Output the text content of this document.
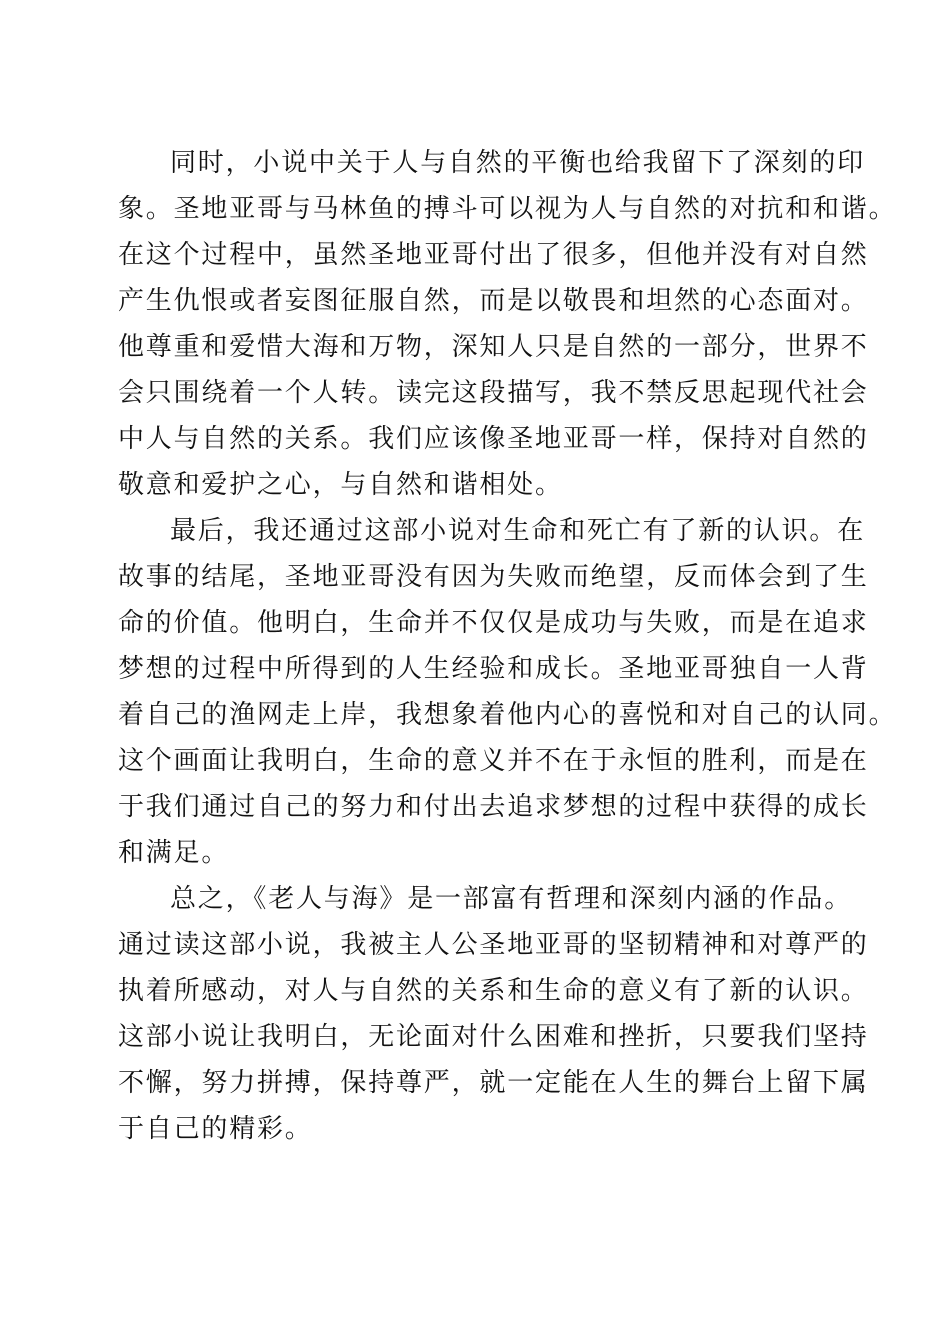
同时，小说中关于人与自然的平衡也给我留下了深刻的印
象。圣地亚哥与马林鱼的搏斗可以视为人与自然的对抗和和谐。
在这个过程中，虽然圣地亚哥付出了很多，但他并没有对自然
产生仇恨或者妄图征服自然，而是以敬畏和坦然的心态面对。
他尊重和爱惜大海和万物，深知人只是自然的一部分，世界不
会只围绕着一个人转。读完这段描写，我不禁反思起现代社会
中人与自然的关系。我们应该像圣地亚哥一样，保持对自然的
敬意和爱护之心，与自然和谐相处。
最后，我还通过这部小说对生命和死亡有了新的认识。在
故事的结尾，圣地亚哥没有因为失败而绝望，反而体会到了生
命的价值。他明白，生命并不仅仅是成功与失败，而是在追求
梦想的过程中所得到的人生经验和成长。圣地亚哥独自一人背
着自己的渔网走上岸，我想象着他内心的喜悦和对自己的认同。
这个画面让我明白，生命的意义并不在于永恒的胜利，而是在
于我们通过自己的努力和付出去追求梦想的过程中获得的成长
和满足。
总之，《老人与海》是一部富有哲理和深刻内涵的作品。
通过读这部小说，我被主人公圣地亚哥的坚韧精神和对尊严的
执着所感动，对人与自然的关系和生命的意义有了新的认识。
这部小说让我明白，无论面对什么困难和挫折，只要我们坚持
不懈，努力拼搏，保持尊严，就一定能在人生的舞台上留下属
于自己的精彩。
